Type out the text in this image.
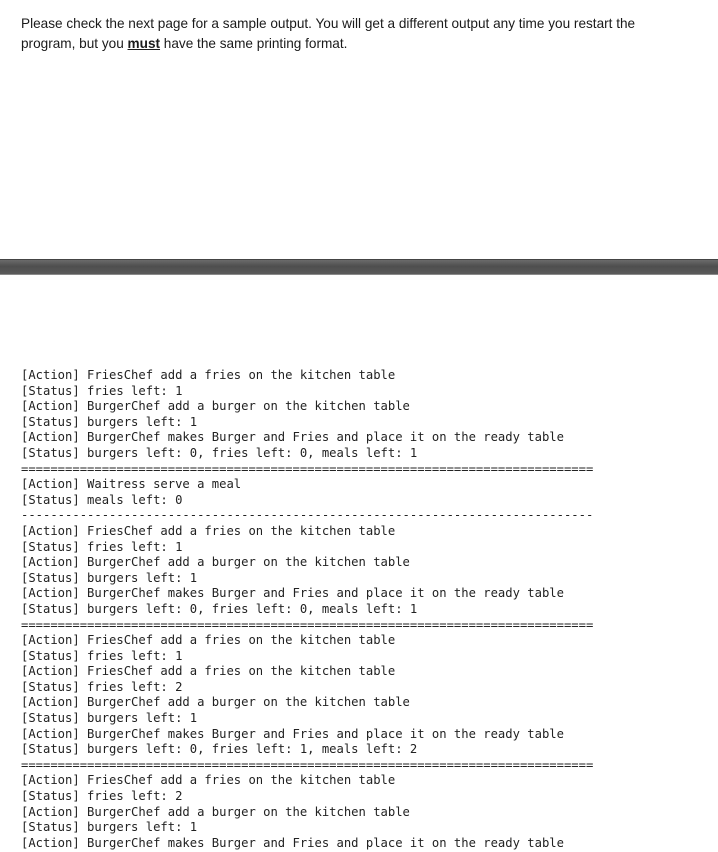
Please check the next page for a sample output. You will get a different output any time you restart the program, but you must have the same printing format.
[Action] FriesChef add a fries on the kitchen table
[Status] fries left: 1
[Action] BurgerChef add a burger on the kitchen table
[Status] burgers left: 1
[Action] BurgerChef makes Burger and Fries and place it on the ready table
[Status] burgers left: 0, fries left: 0, meals left: 1

==============================================================================
[Action] Waitress serve a meal
[Status] meals left: 0

------------------------------------------------------------------------------
[Action] FriesChef add a fries on the kitchen table
[Status] fries left: 1
[Action] BurgerChef add a burger on the kitchen table
[Status] burgers left: 1
[Action] BurgerChef makes Burger and Fries and place it on the ready table
[Status] burgers left: 0, fries left: 0, meals left: 1

==============================================================================
[Action] FriesChef add a fries on the kitchen table
[Status] fries left: 1
[Action] FriesChef add a fries on the kitchen table
[Status] fries left: 2
[Action] BurgerChef add a burger on the kitchen table
[Status] burgers left: 1
[Action] BurgerChef makes Burger and Fries and place it on the ready table
[Status] burgers left: 0, fries left: 1, meals left: 2

==============================================================================
[Action] FriesChef add a fries on the kitchen table
[Status] fries left: 2
[Action] BurgerChef add a burger on the kitchen table
[Status] burgers left: 1
[Action] BurgerChef makes Burger and Fries and place it on the ready table
